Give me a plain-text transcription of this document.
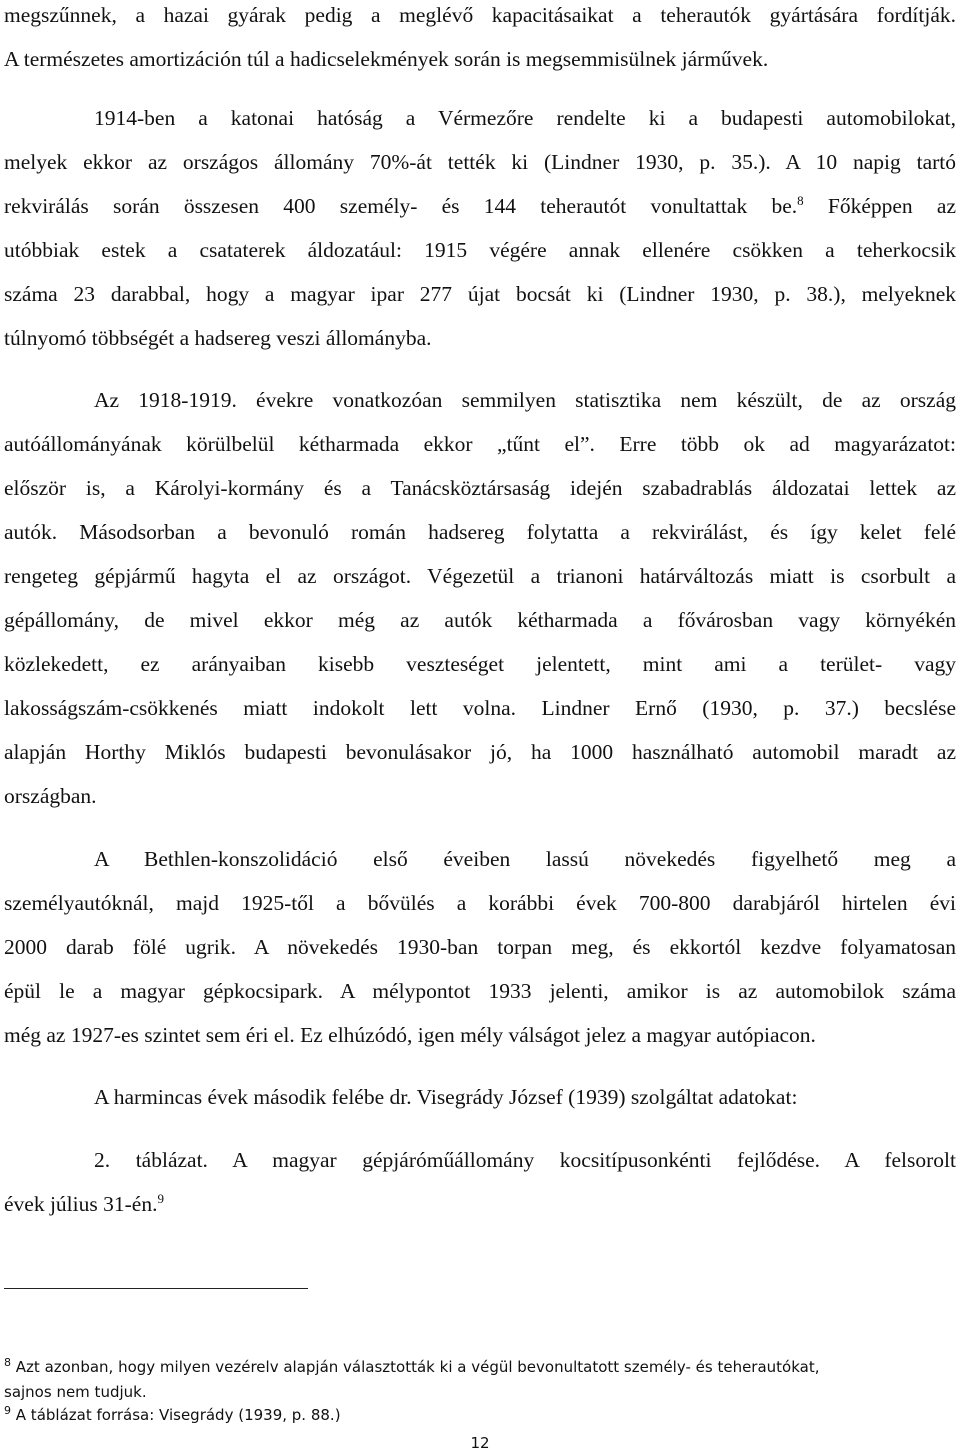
megszűnnek, a hazai gyárak pedig a meglévő kapacitásaikat a teherautók gyártására fordítják.
A természetes amortizáción túl a hadicselekmények során is megsemmisülnek járművek.
1914-ben a katonai hatóság a Vérmezőre rendelte ki a budapesti automobilokat,
melyek ekkor az országos állomány 70%-át tették ki (Lindner 1930, p. 35.). A 10 napig tartó
rekvirálás során összesen 400 személy- és 144 teherautót vonultattak be.$^8$ Főképpen az
utóbbiak estek a csataterek áldozatául: 1915 végére annak ellenére csökken a teherkocsik
száma 23 darabbal, hogy a magyar ipar 277 újat bocsát ki (Lindner 1930, p. 38.), melyeknek
túlnyomó többségét a hadsereg veszi állományba.
Az 1918-1919. évekre vonatkozóan semmilyen statisztika nem készült, de az ország
autóállományának körülbelül kétharmada ekkor „tűnt el”. Erre több ok ad magyarázatot:
először is, a Károlyi-kormány és a Tanácsköztársaság idején szabadrablás áldozatai lettek az
autók. Másodsorban a bevonuló román hadsereg folytatta a rekvirálást, és így kelet felé
rengeteg gépjármű hagyta el az országot. Végezetül a trianoni határváltozás miatt is csorbult a
gépállomány, de mivel ekkor még az autók kétharmada a fővárosban vagy környékén
közlekedett, ez arányaiban kisebb veszteséget jelentett, mint ami a terület- vagy
lakosságszám-csökkenés miatt indokolt lett volna. Lindner Ernő (1930, p. 37.) becslése
alapján Horthy Miklós budapesti bevonulásakor jó, ha 1000 használható automobil maradt az
országban.
A Bethlen-konszolidáció első éveiben lassú növekedés figyelhető meg a
személyautóknál, majd 1925-től a bővülés a korábbi évek 700-800 darabjáról hirtelen évi
2000 darab fölé ugrik. A növekedés 1930-ban torpan meg, és ekkortól kezdve folyamatosan
épül le a magyar gépkocsipark. A mélypontot 1933 jelenti, amikor is az automobilok száma
még az 1927-es szintet sem éri el. Ez elhúzódó, igen mély válságot jelez a magyar autópiacon.
A harmincas évek második felébe dr. Visegrády József (1939) szolgáltat adatokat:
2. táblázat. A magyar gépjáróműállomány kocsitípusonkénti fejlődése. A felsorolt
évek július 31-én.$^9$
$^8$ Azt azonban, hogy milyen vezérelv alapján választották ki a végül bevonultatott személy- és teherautókat,
sajnos nem tudjuk.
$^9$ A táblázat forrása: Visegrády (1939, p. 88.)
12
